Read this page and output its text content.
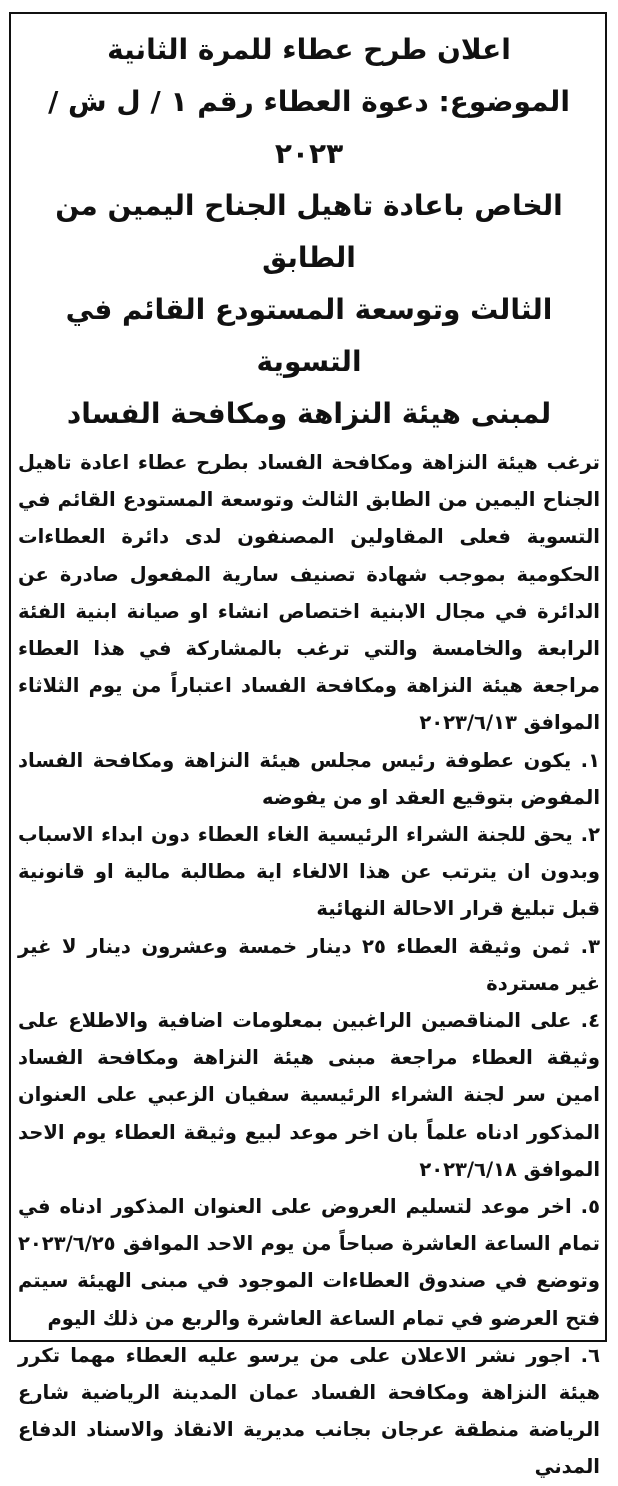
اعلان طرح عطاء للمرة الثانية
الموضوع: دعوة العطاء رقم ١ / ل ش /٢٠٢٣
الخاص باعادة تاهيل الجناح اليمين من الطابق
الثالث وتوسعة المستودع القائم في التسوية
لمبنى هيئة النزاهة ومكافحة الفساد

ترغب هيئة النزاهة ومكافحة الفساد بطرح عطاء اعادة تاهيل الجناح اليمين من الطابق الثالث وتوسعة المستودع القائم في التسوية فعلى المقاولين المصنفون لدى دائرة العطاءات الحكومية بموجب شهادة تصنيف سارية المفعول صادرة عن الدائرة في مجال الابنية اختصاص انشاء او صيانة ابنية الفئة الرابعة والخامسة والتي ترغب بالمشاركة في هذا العطاء مراجعة هيئة النزاهة ومكافحة الفساد اعتباراً من يوم الثلاثاء الموافق ٢٠٢٣/٦/١٣

١. يكون عطوفة رئيس مجلس هيئة النزاهة ومكافحة الفساد المفوض بتوقيع العقد او من يفوضه

٢. يحق للجنة الشراء الرئيسية الغاء العطاء دون ابداء الاسباب وبدون ان يترتب عن هذا الالغاء اية مطالبة مالية او قانونية قبل تبليغ قرار الاحالة النهائية

٣. ثمن وثيقة العطاء ٢٥ دينار خمسة وعشرون دينار لا غير غير مستردة

٤. على المناقصين الراغبين بمعلومات اضافية والاطلاع على وثيقة العطاء مراجعة مبنى هيئة النزاهة ومكافحة الفساد امين سر لجنة الشراء الرئيسية سفيان الزعبي على العنوان المذكور ادناه علماً بان اخر موعد لبيع وثيقة العطاء يوم الاحد الموافق ٢٠٢٣/٦/١٨

٥. اخر موعد لتسليم العروض على العنوان المذكور ادناه في تمام الساعة العاشرة صباحاً من يوم الاحد الموافق ٢٠٢٣/٦/٢٥ وتوضع في صندوق العطاءات الموجود في مبنى الهيئة سيتم فتح العرضو في تمام الساعة العاشرة والربع من ذلك اليوم

٦. اجور نشر الاعلان على من يرسو عليه العطاء مهما تكرر هيئة النزاهة ومكافحة الفساد عمان المدينة الرياضية شارع الرياضة منطقة عرجان بجانب مديرية الانقاذ والاسناد الدفاع المدني
